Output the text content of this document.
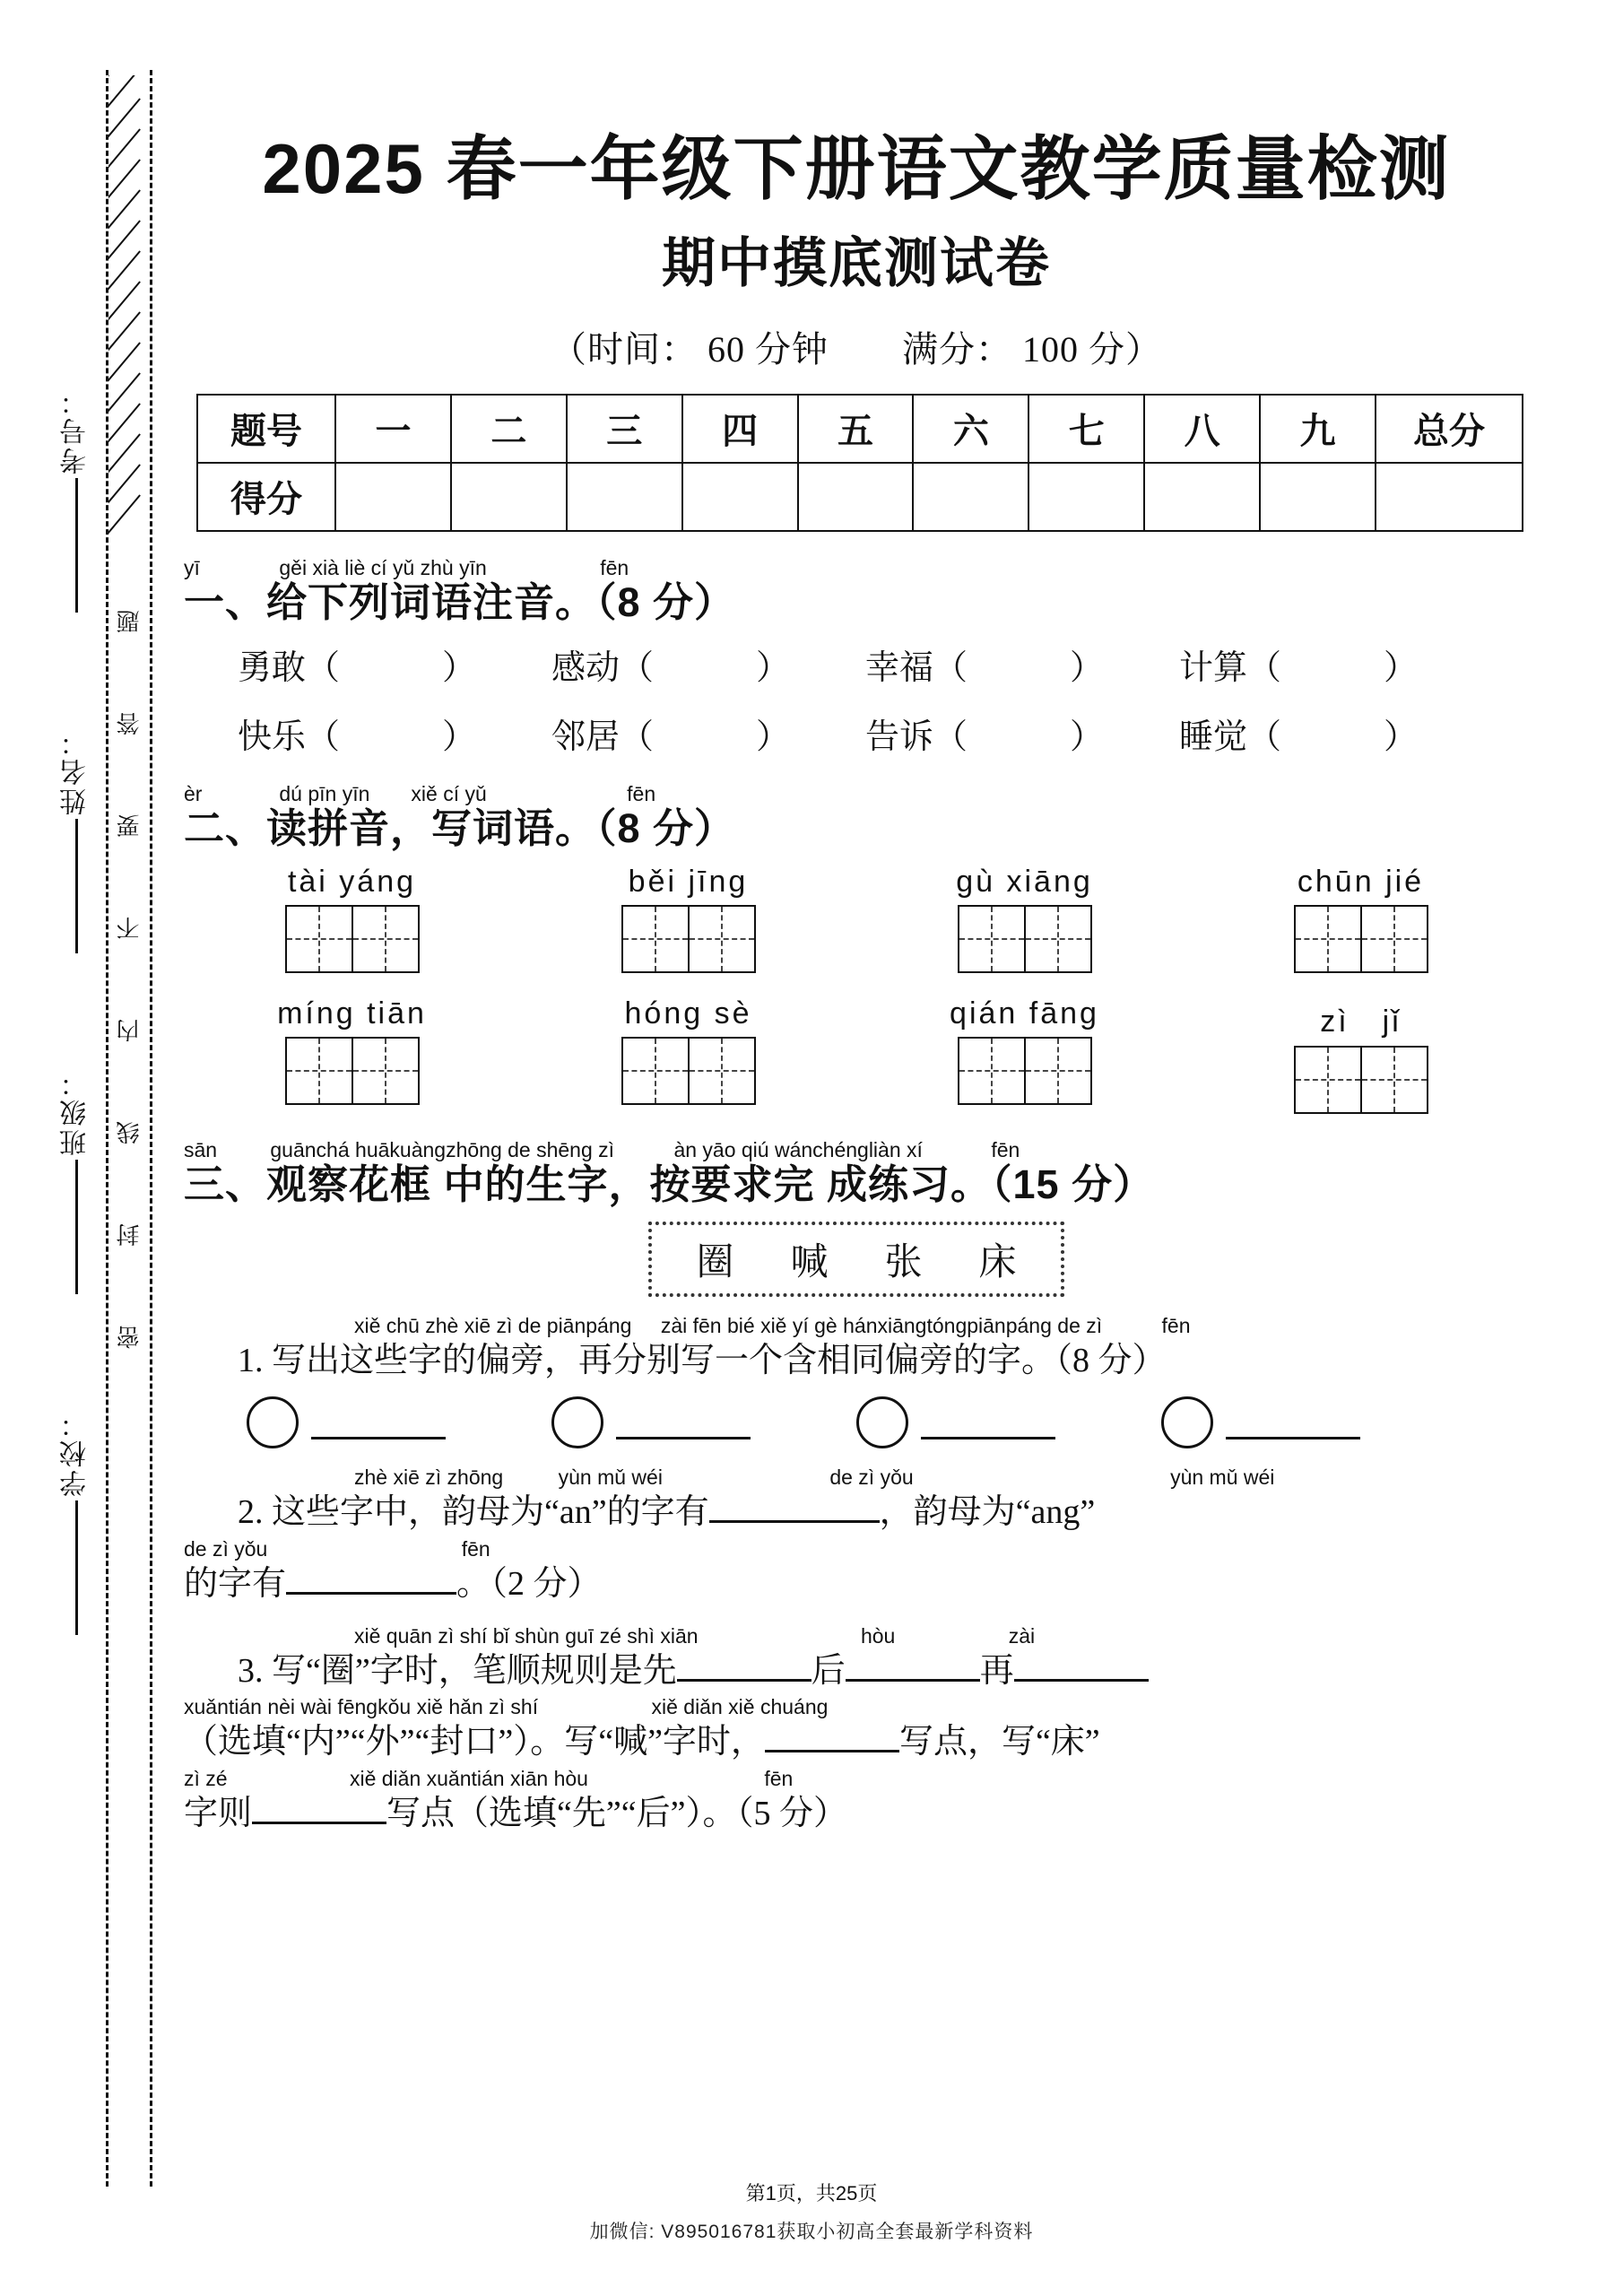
题
答
要
不
内
线
封
密
考号：
姓名：
班级：
学校：
2025 春一年级下册语文教学质量检测
期中摸底测试卷
（时间： 60 分钟　　满分： 100 分）
题号	一	二	三	四	五	六	七	八	九	总分
得分										
yī	gěi xià liè cí yǔ zhù yīn	fēn
一、给下列词语注音。（8 分）
勇敢（　　　）	感动（　　　）	幸福（　　　）	计算（　　　）
快乐（　　　）	邻居（　　　）	告诉（　　　）	睡觉（　　　）
èr	dú pīn yīn　　xiě cí yǔ	fēn
二、读拼音，写词语。（8 分）
tài yáng	běi jīng	gù xiāng	chūn jié
míng tiān	hóng sè	qián fāng	zì　jǐ
sān	guānchá huākuàngzhōng de shēng zì	àn yāo qiú wánchéngliàn xí	fēn
三、观察花框 中的生字，按要求完 成练习。（15 分）
圈 喊 张 床
xiě chū zhè xiē zì de piānpáng zài fēn bié xiě yí gè hánxiāngtóngpiānpáng de zì	fēn
1. 写出这些字的偏旁，再分别写一个含相同偏旁的字。（8 分）
zhè xiē zì zhōng	yùn mǔ wéi	de zì yǒu	yùn mǔ wéi
2. 这些字中，韵母为“an”的字有	，韵母为“ang”
de zì yǒu	fēn
的字有	。（2 分）
xiě quān zì shí bǐ shùn guī zé shì xiān	hòu	zài
3. 写“圈”字时，笔顺规则是先	后	再
xuǎntián nèi wài fēngkǒu xiě hǎn zì shí	xiě diǎn xiě chuáng
（选填“内”“外”“封口”）。写“喊”字时，	写点，写“床”
zì zé	xiě diǎn xuǎntián xiān hòu	fēn
字则	写点（选填“先”“后”）。（5 分）
第1页，共25页
加微信: V895016781获取小初高全套最新学科资料
